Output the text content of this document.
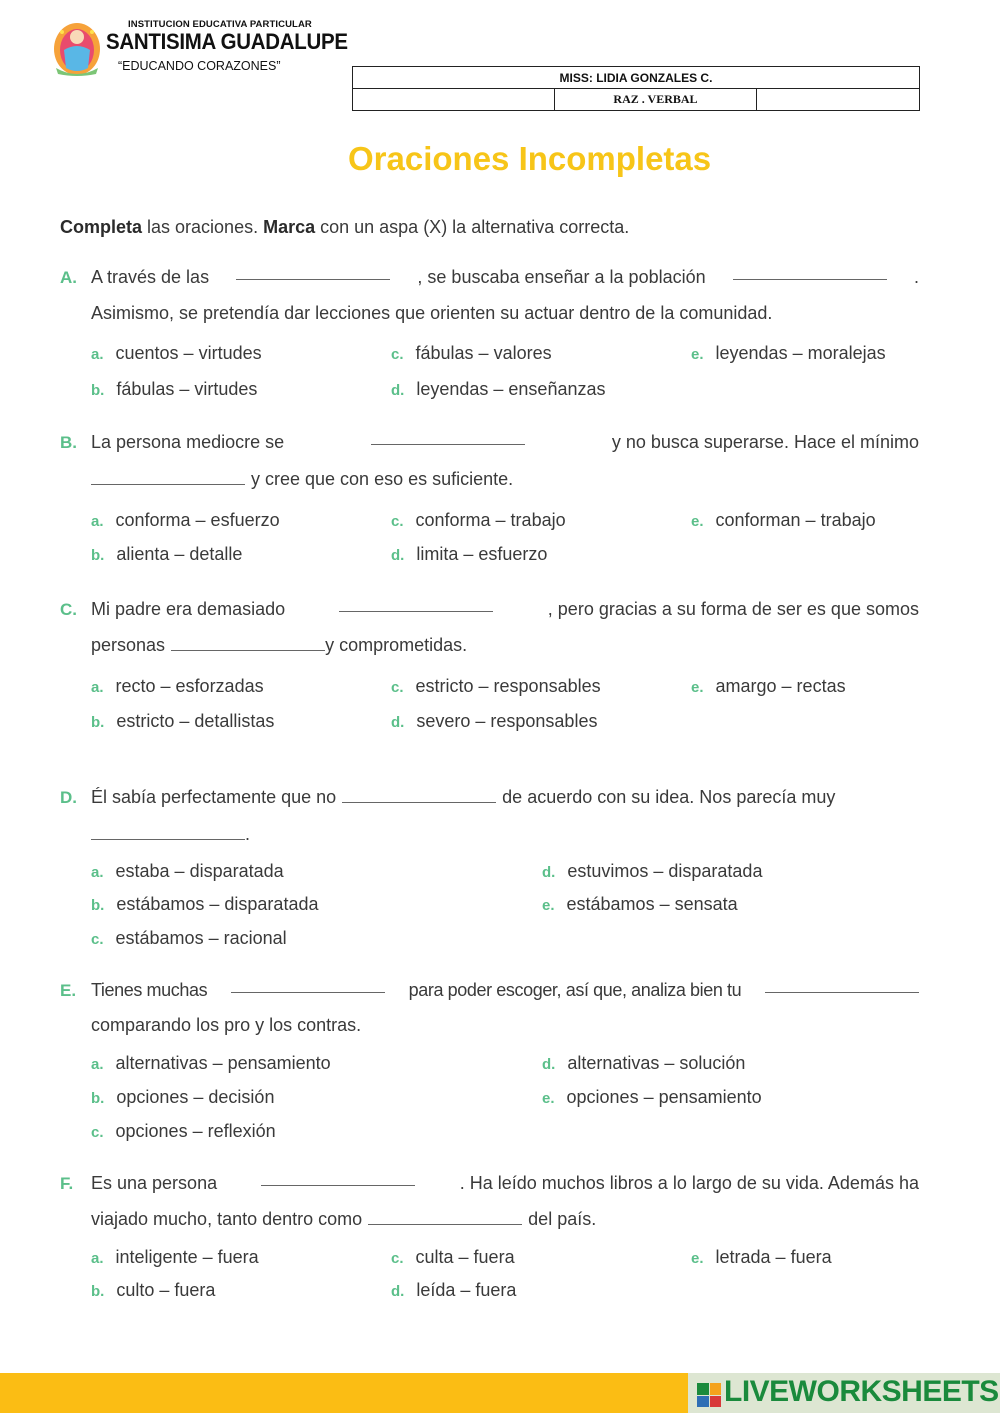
INSTITUCION EDUCATIVA PARTICULAR
SANTISIMA GUADALUPE
“EDUCANDO CORAZONES”
MISS: LIDIA GONZALES C.
	RAZ . VERBAL	
Oraciones Incompletas
Completa las oraciones. Marca con un aspa (X) la alternativa correcta.
A. A través de las	, se buscaba enseñar a la población	.
Asimismo, se pretendía dar lecciones que orienten su actuar dentro de la comunidad.
a. cuentos – virtudes
b. fábulas – virtudes
c. fábulas – valores
d. leyendas – enseñanzas
e. leyendas – moralejas
B. La persona mediocre se	y no busca superarse. Hace el mínimo
y cree que con eso es suficiente.
a. conforma – esfuerzo
b. alienta – detalle
c. conforma – trabajo
d. limita – esfuerzo
e. conforman – trabajo
C. Mi padre era demasiado	, pero gracias a su forma de ser es que somos
personas	y comprometidas.
a. recto – esforzadas
b. estricto – detallistas
c. estricto – responsables
d. severo – responsables
e. amargo – rectas
D. Él sabía perfectamente que no	de acuerdo con su idea. Nos parecía muy
.
a. estaba – disparatada
b. estábamos – disparatada
c. estábamos – racional
d. estuvimos – disparatada
e. estábamos – sensata
E. Tienes muchas	para poder escoger, así que, analiza bien tu
comparando los pro y los contras.
a. alternativas – pensamiento
b. opciones – decisión
c. opciones – reflexión
d. alternativas – solución
e. opciones – pensamiento
F. Es una persona	. Ha leído muchos libros a lo largo de su vida. Además ha
viajado mucho, tanto dentro como	del país.
a. inteligente – fuera
b. culto – fuera
c. culta – fuera
d. leída – fuera
e. letrada – fuera
LIVEWORKSHEETS
